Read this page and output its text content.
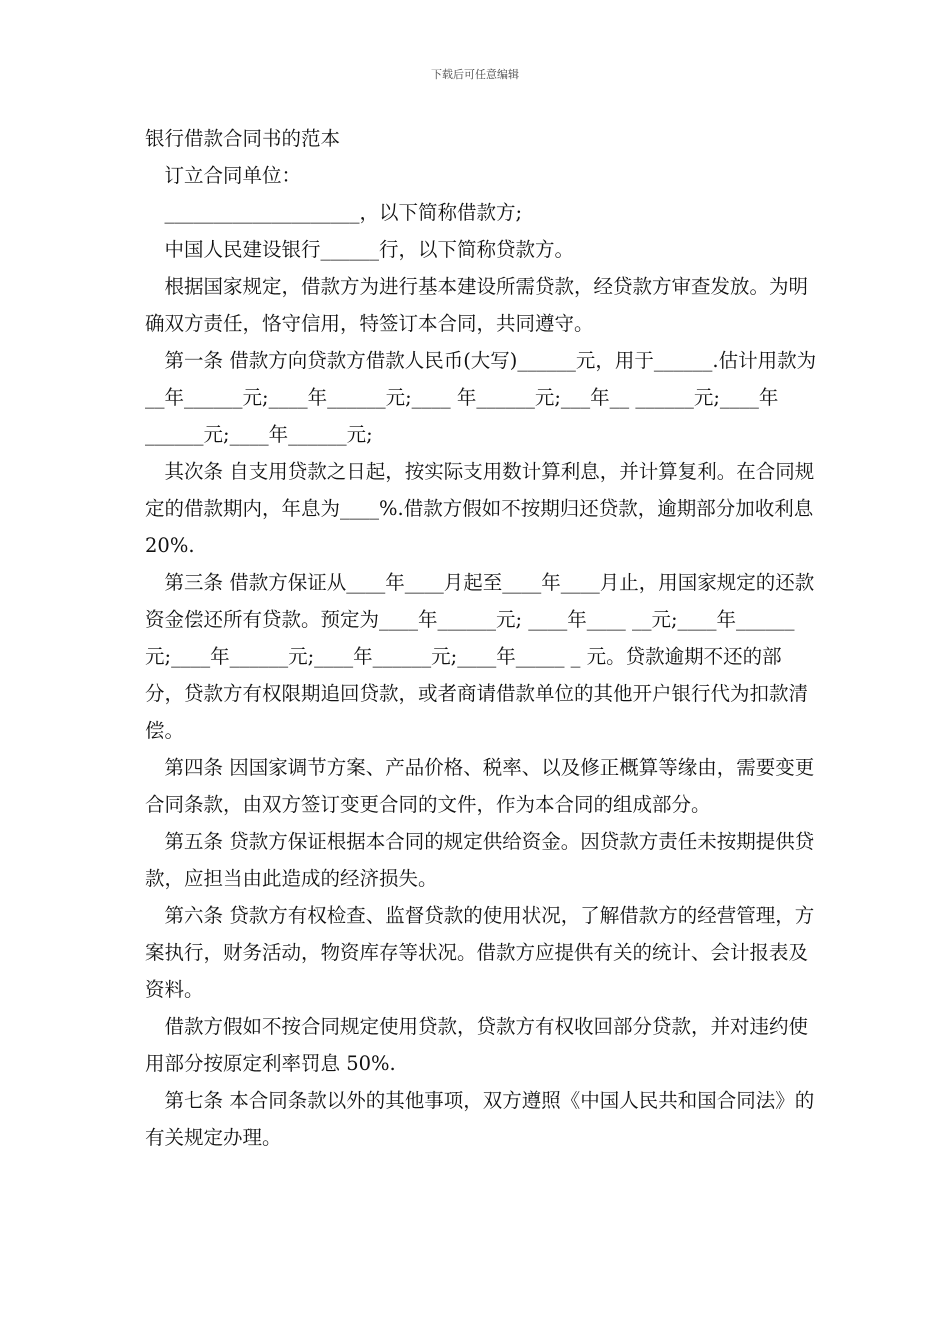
下载后可任意编辑

银行借款合同书的范本

　订立合同单位：

　____________________，以下简称借款方;

　中国人民建设银行______行，以下简称贷款方。

　根据国家规定，借款方为进行基本建设所需贷款，经贷款方审查发放。为明确双方责任，恪守信用，特签订本合同，共同遵守。

　第一条 借款方向贷款方借款人民币(大写)______元，用于______.估计用款为__年______元;____年______元;____ 年______元;___年__ ______元;____年______元;____年______元;

　其次条 自支用贷款之日起，按实际支用数计算利息，并计算复利。在合同规定的借款期内，年息为____%.借款方假如不按期归还贷款，逾期部分加收利息 20%.

　第三条 借款方保证从____年____月起至____年____月止，用国家规定的还款资金偿还所有贷款。预定为____年______元; ____年____ __元;____年______元;____年______元;____年______元;____年_____ _ 元。贷款逾期不还的部分，贷款方有权限期追回贷款，或者商请借款单位的其他开户银行代为扣款清偿。

　第四条 因国家调节方案、产品价格、税率、以及修正概算等缘由，需要变更合同条款，由双方签订变更合同的文件，作为本合同的组成部分。

　第五条 贷款方保证根据本合同的规定供给资金。因贷款方责任未按期提供贷款，应担当由此造成的经济损失。

　第六条 贷款方有权检查、监督贷款的使用状况，了解借款方的经营管理，方案执行，财务活动，物资库存等状况。借款方应提供有关的统计、会计报表及资料。

　借款方假如不按合同规定使用贷款，贷款方有权收回部分贷款，并对违约使用部分按原定利率罚息 50%.

　第七条 本合同条款以外的其他事项，双方遵照《中国人民共和国合同法》的有关规定办理。
